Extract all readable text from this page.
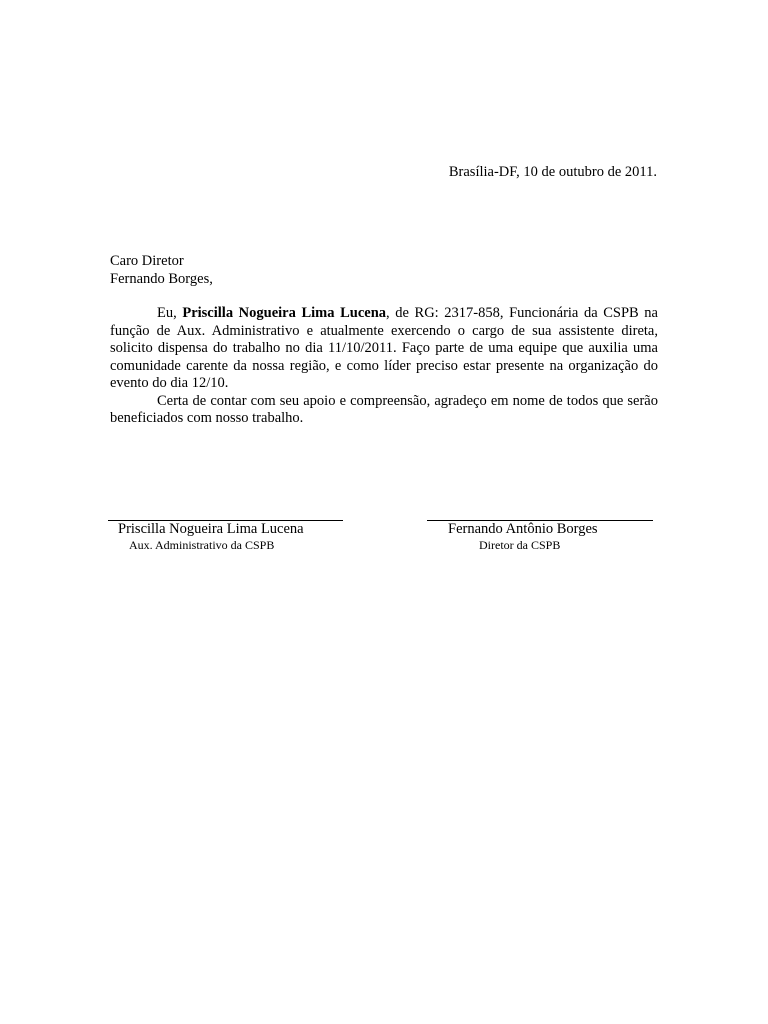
Brasília-DF, 10 de outubro de 2011.
Caro Diretor
Fernando Borges,

Eu, Priscilla Nogueira Lima Lucena, de RG: 2317-858, Funcionária da CSPB na função de Aux. Administrativo e atualmente exercendo o cargo de sua assistente direta, solicito dispensa do trabalho no dia 11/10/2011. Faço parte de uma equipe que auxilia uma comunidade carente da nossa região, e como líder preciso estar presente na organização do evento do dia 12/10.

Certa de contar com seu apoio e compreensão, agradeço em nome de todos que serão beneficiados com nosso trabalho.

Priscilla Nogueira Lima Lucena
Aux. Administrativo da CSPB
Fernando Antônio Borges
Diretor da CSPB
